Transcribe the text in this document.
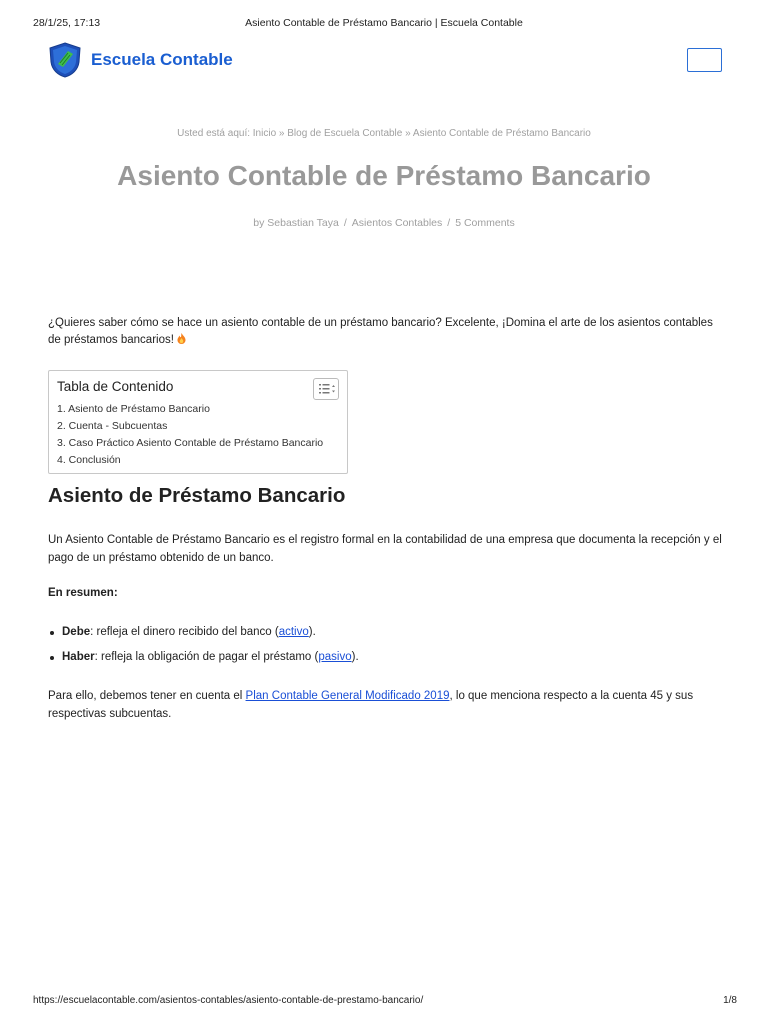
28/1/25, 17:13	Asiento Contable de Préstamo Bancario | Escuela Contable
Escuela Contable
Usted está aquí: Inicio » Blog de Escuela Contable » Asiento Contable de Préstamo Bancario
Asiento Contable de Préstamo Bancario
by Sebastian Taya / Asientos Contables / 5 Comments

¿Quieres saber cómo se hace un asiento contable de un préstamo bancario? Excelente, ¡Domina el arte de los asientos contables de préstamos bancarios!

Tabla de Contenido
1. Asiento de Préstamo Bancario
2. Cuenta - Subcuentas
3. Caso Práctico Asiento Contable de Préstamo Bancario
4. Conclusión
Asiento de Préstamo Bancario

Un Asiento Contable de Préstamo Bancario es el registro formal en la contabilidad de una empresa que documenta la recepción y el pago de un préstamo obtenido de un banco.

En resumen:
Debe: refleja el dinero recibido del banco (activo).
Haber: refleja la obligación de pagar el préstamo (pasivo).

Para ello, debemos tener en cuenta el Plan Contable General Modificado 2019, lo que menciona respecto a la cuenta 45 y sus respectivas subcuentas.

https://escuelacontable.com/asientos-contables/asiento-contable-de-prestamo-bancario/	1/8
